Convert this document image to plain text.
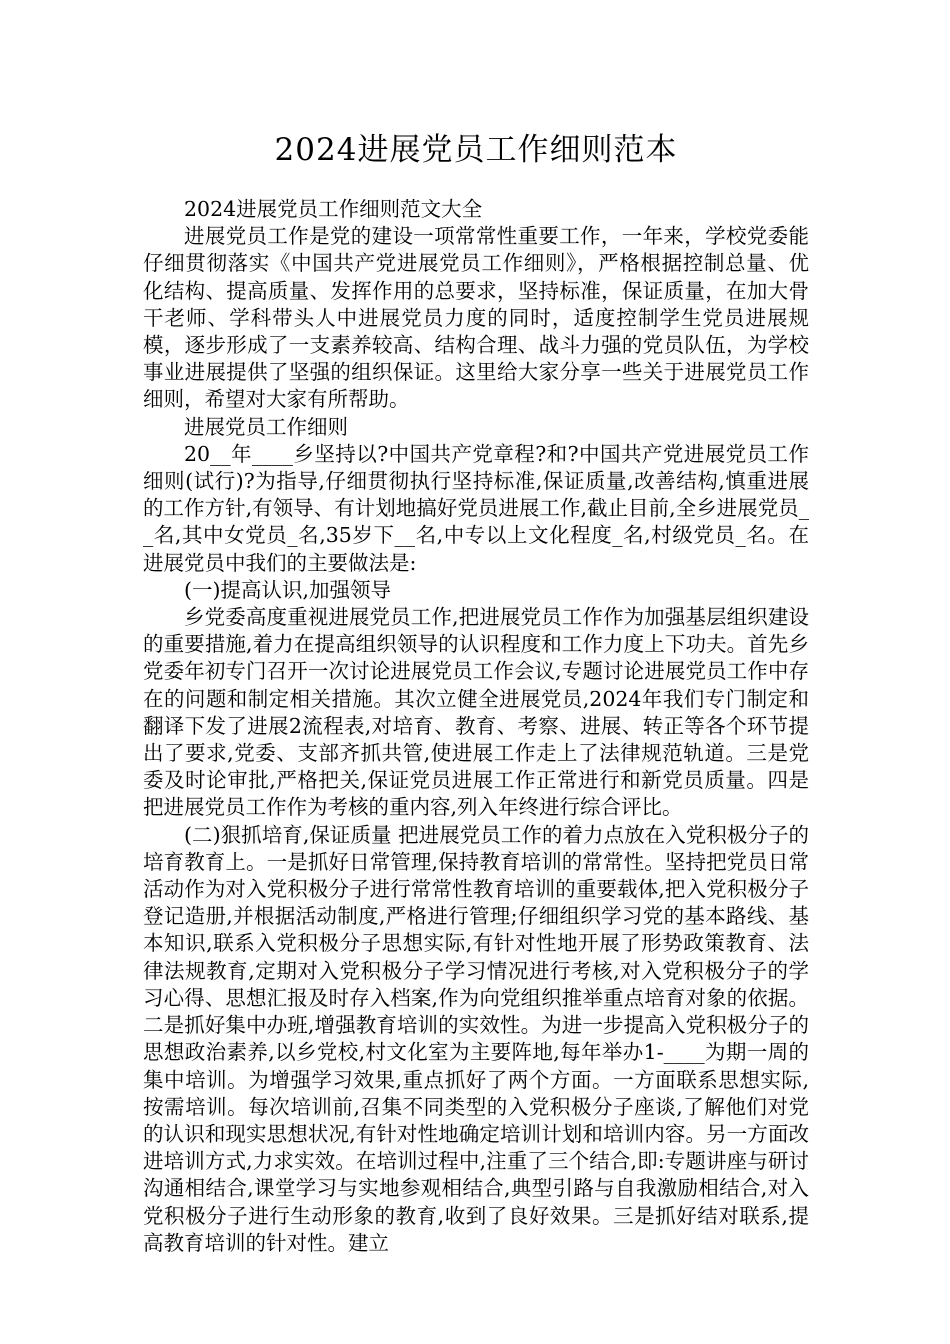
2024进展党员工作细则范本

2024进展党员工作细则范文大全

进展党员工作是党的建设一项常常性重要工作，一年来，学校党委能仔细贯彻落实《中国共产党进展党员工作细则》，严格根据控制总量、优化结构、提高质量、发挥作用的总要求，坚持标准，保证质量，在加大骨干老师、学科带头人中进展党员力度的同时，适度控制学生党员进展规模，逐步形成了一支素养较高、结构合理、战斗力强的党员队伍，为学校事业进展提供了坚强的组织保证。这里给大家分享一些关于进展党员工作细则，希望对大家有所帮助。

进展党员工作细则

20__年____乡坚持以?中国共产党章程?和?中国共产党进展党员工作细则(试行)?为指导,仔细贯彻执行坚持标准,保证质量,改善结构,慎重进展的工作方针,有领导、有计划地搞好党员进展工作,截止目前,全乡进展党员__名,其中女党员_名,35岁下__名,中专以上文化程度_名,村级党员_名。在进展党员中我们的主要做法是:

(一)提高认识,加强领导

乡党委高度重视进展党员工作,把进展党员工作作为加强基层组织建设的重要措施,着力在提高组织领导的认识程度和工作力度上下功夫。首先乡党委年初专门召开一次讨论进展党员工作会议,专题讨论进展党员工作中存在的问题和制定相关措施。其次立健全进展党员,2024年我们专门制定和翻译下发了进展2流程表,对培育、教育、考察、进展、转正等各个环节提出了要求,党委、支部齐抓共管,使进展工作走上了法律规范轨道。三是党委及时论审批,严格把关,保证党员进展工作正常进行和新党员质量。四是把进展党员工作作为考核的重内容,列入年终进行综合评比。

(二)狠抓培育,保证质量 把进展党员工作的着力点放在入党积极分子的培育教育上。一是抓好日常管理,保持教育培训的常常性。坚持把党员日常活动作为对入党积极分子进行常常性教育培训的重要载体,把入党积极分子登记造册,并根据活动制度,严格进行管理;仔细组织学习党的基本路线、基本知识,联系入党积极分子思想实际,有针对性地开展了形势政策教育、法律法规教育,定期对入党积极分子学习情况进行考核,对入党积极分子的学习心得、思想汇报及时存入档案,作为向党组织推举重点培育对象的依据。二是抓好集中办班,增强教育培训的实效性。为进一步提高入党积极分子的思想政治素养,以乡党校,村文化室为主要阵地,每年举办1-____为期一周的集中培训。为增强学习效果,重点抓好了两个方面。一方面联系思想实际,按需培训。每次培训前,召集不同类型的入党积极分子座谈,了解他们对党的认识和现实思想状况,有针对性地确定培训计划和培训内容。另一方面改进培训方式,力求实效。在培训过程中,注重了三个结合,即:专题讲座与研讨沟通相结合,课堂学习与实地参观相结合,典型引路与自我激励相结合,对入党积极分子进行生动形象的教育,收到了良好效果。三是抓好结对联系,提高教育培训的针对性。建立
